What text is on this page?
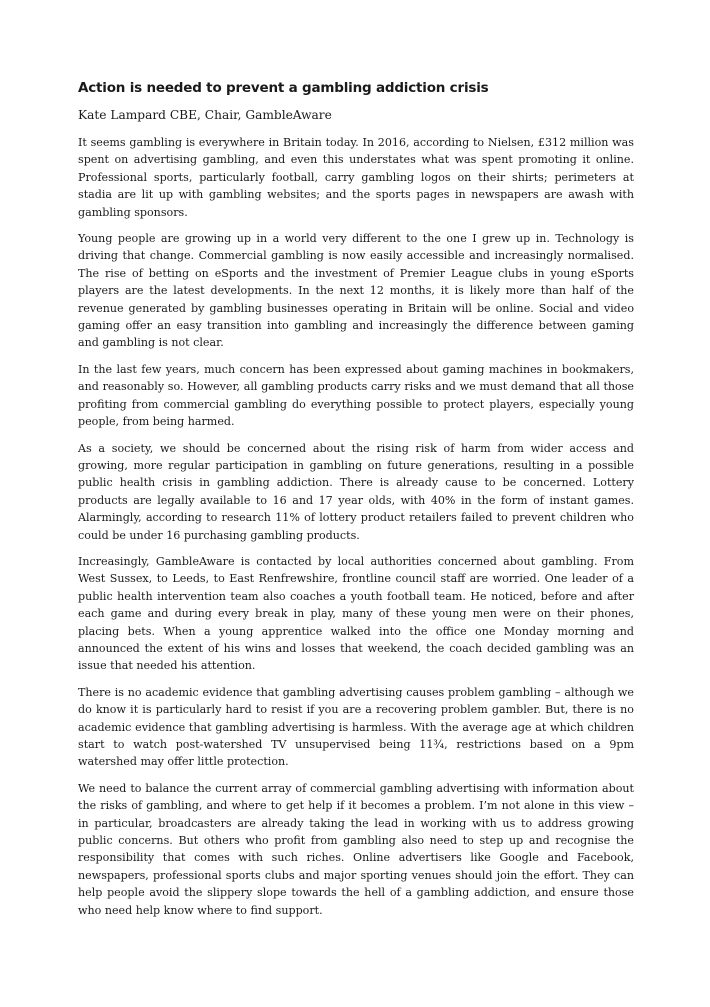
Action is needed to prevent a gambling addiction crisis
Kate Lampard CBE, Chair, GambleAware

It seems gambling is everywhere in Britain today. In 2016, according to Nielsen, £312 million was spent on advertising gambling, and even this understates what was spent promoting it online. Professional sports, particularly football, carry gambling logos on their shirts; perimeters at stadia are lit up with gambling websites; and the sports pages in newspapers are awash with gambling sponsors.

Young people are growing up in a world very different to the one I grew up in. Technology is driving that change. Commercial gambling is now easily accessible and increasingly normalised. The rise of betting on eSports and the investment of Premier League clubs in young eSports players are the latest developments. In the next 12 months, it is likely more than half of the revenue generated by gambling businesses operating in Britain will be online. Social and video gaming offer an easy transition into gambling and increasingly the difference between gaming and gambling is not clear.

In the last few years, much concern has been expressed about gaming machines in bookmakers, and reasonably so. However, all gambling products carry risks and we must demand that all those profiting from commercial gambling do everything possible to protect players, especially young people, from being harmed.

As a society, we should be concerned about the rising risk of harm from wider access and growing, more regular participation in gambling on future generations, resulting in a possible public health crisis in gambling addiction. There is already cause to be concerned. Lottery products are legally available to 16 and 17 year olds, with 40% in the form of instant games. Alarmingly, according to research 11% of lottery product retailers failed to prevent children who could be under 16 purchasing gambling products.

Increasingly, GambleAware is contacted by local authorities concerned about gambling. From West Sussex, to Leeds, to East Renfrewshire, frontline council staff are worried. One leader of a public health intervention team also coaches a youth football team. He noticed, before and after each game and during every break in play, many of these young men were on their phones, placing bets. When a young apprentice walked into the office one Monday morning and announced the extent of his wins and losses that weekend, the coach decided gambling was an issue that needed his attention.

There is no academic evidence that gambling advertising causes problem gambling – although we do know it is particularly hard to resist if you are a recovering problem gambler. But, there is no academic evidence that gambling advertising is harmless. With the average age at which children start to watch post-watershed TV unsupervised being 11¾, restrictions based on a 9pm watershed may offer little protection.

We need to balance the current array of commercial gambling advertising with information about the risks of gambling, and where to get help if it becomes a problem. I’m not alone in this view – in particular, broadcasters are already taking the lead in working with us to address growing public concerns. But others who profit from gambling also need to step up and recognise the responsibility that comes with such riches. Online advertisers like Google and Facebook, newspapers, professional sports clubs and major sporting venues should join the effort. They can help people avoid the slippery slope towards the hell of a gambling addiction, and ensure those who need help know where to find support.
